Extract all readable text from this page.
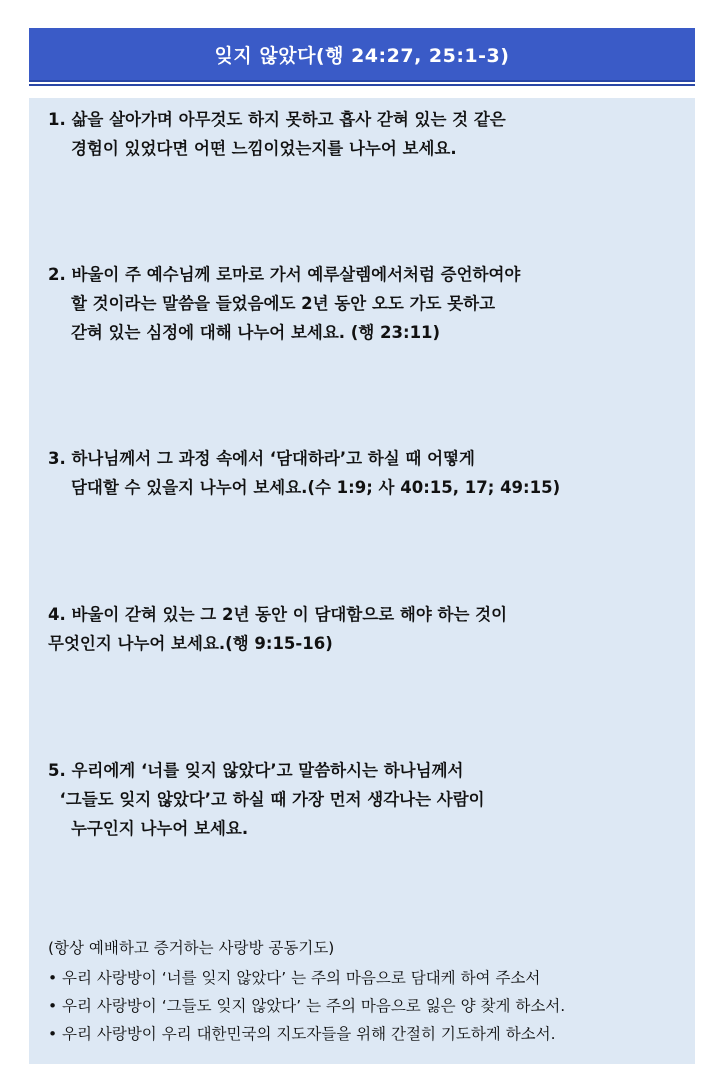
잊지 않았다(행 24:27, 25:1-3)
1. 삶을 살아가며 아무것도 하지 못하고 흡사 갇혀 있는 것 같은
경험이 있었다면 어떤 느낌이었는지를 나누어 보세요.
2. 바울이 주 예수님께 로마로 가서 예루살렘에서처럼 증언하여야
할 것이라는 말씀을 들었음에도 2년 동안 오도 가도 못하고
갇혀 있는 심정에 대해 나누어 보세요. (행 23:11)
3. 하나님께서 그 과정 속에서 ‘담대하라’고 하실 때 어떻게
담대할 수 있을지 나누어 보세요.(수 1:9; 사 40:15, 17; 49:15)
4. 바울이 갇혀 있는 그 2년 동안 이 담대함으로 해야 하는 것이
무엇인지 나누어 보세요.(행 9:15-16)
5. 우리에게 ‘너를 잊지 않았다’고 말씀하시는 하나님께서
‘그들도 잊지 않았다’고 하실 때 가장 먼저 생각나는 사람이
누구인지 나누어 보세요.
(항상 예배하고 증거하는 사랑방 공동기도)
• 우리 사랑방이 ‘너를 잊지 않았다’ 는 주의 마음으로 담대케 하여 주소서
• 우리 사랑방이 ‘그들도 잊지 않았다’ 는 주의 마음으로 잃은 양 찾게 하소서.
• 우리 사랑방이 우리 대한민국의 지도자들을 위해 간절히 기도하게 하소서.
